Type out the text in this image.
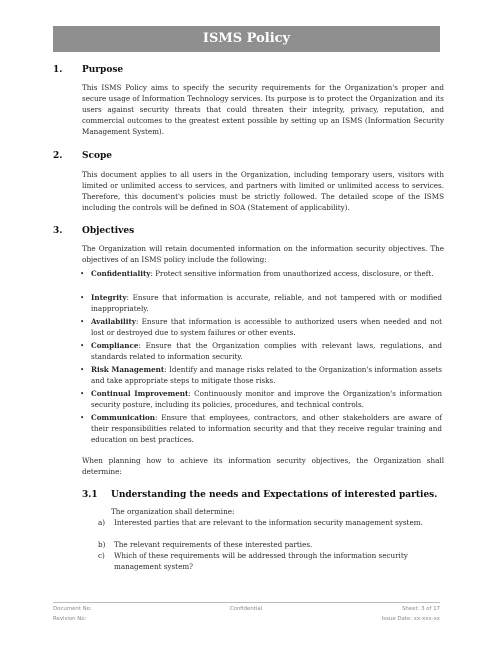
ISMS Policy
1. Purpose
This ISMS Policy aims to specify the security requirements for the Organization's proper and secure usage of Information Technology services. Its purpose is to protect the Organization and its users against security threats that could threaten their integrity, privacy, reputation, and commercial outcomes to the greatest extent possible by setting up an ISMS (Information Security Management System).
2. Scope
This document applies to all users in the Organization, including temporary users, visitors with limited or unlimited access to services, and partners with limited or unlimited access to services. Therefore, this document's policies must be strictly followed. The detailed scope of the ISMS including the controls will be defined in SOA (Statement of applicability).
3. Objectives
The Organization will retain documented information on the information security objectives. The objectives of an ISMS policy include the following:
• Confidentiality: Protect sensitive information from unauthorized access, disclosure, or theft.
• Integrity: Ensure that information is accurate, reliable, and not tampered with or modified inappropriately.
• Availability: Ensure that information is accessible to authorized users when needed and not lost or destroyed due to system failures or other events.
• Compliance: Ensure that the Organization complies with relevant laws, regulations, and standards related to information security.
• Risk Management: Identify and manage risks related to the Organization's information assets and take appropriate steps to mitigate those risks.
• Continual Improvement: Continuously monitor and improve the Organization's information security posture, including its policies, procedures, and technical controls.
• Communication: Ensure that employees, contractors, and other stakeholders are aware of their responsibilities related to information security and that they receive regular training and education on best practices.
When planning how to achieve its information security objectives, the Organization shall determine:
3.1 Understanding the needs and Expectations of interested parties.
The organization shall determine:
a) Interested parties that are relevant to the information security management system.
b) The relevant requirements of these interested parties.
c) Which of these requirements will be addressed through the information security management system?
Document No:
Revision No:
Confidential	Sheet: 3 of 17
Issue Date: xx-xxx-xx
